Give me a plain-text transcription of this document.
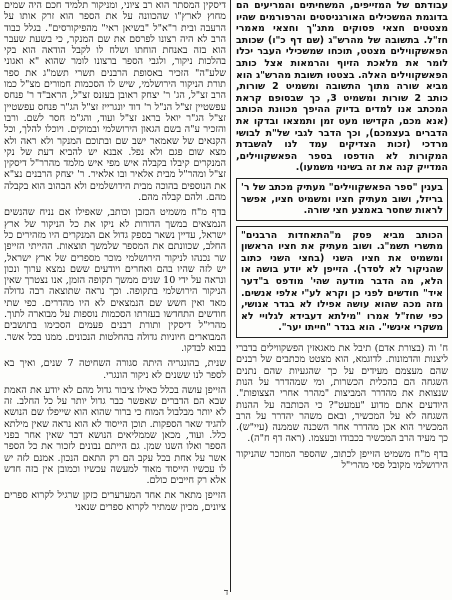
עבודתם של המזייפים, המשחיתים והמריעים הם בדוגמת המשכילים האורגניסטים והרפורמים שהיו מצטטים חצאי פסוקים מתנ"ך וחצאי מאמרי חז"ל. בתשובה של מהרש"ג (שם דף כ"ו) שכותב הפאשקווילים מצטט, תוכחו שמשכילי העבר יכלו לומר את מלאכת הזיוף והרמאות אצל כותב הפאשקווילים האלה. בצטטו תשובת מהרש"ג הוא מביא שורה מתוך התשובה ומשמיט 2 שורות, כותב 2 שורות ומשמיט 3, כך שבסופם קראת המכתב אנו למדים בדיוק ההיפך מכוונת הכותב (אנא מכם, הקדישו מעט זמן ותמצאו ובדקו את הדברים בעצמכם), וכך הדבר לגבי של"ת לבושי מרדכי (זכות הצדיקים עמד לנו להשבדת המקורות לא הודפסו בספר הפאשקווילים, המדייק קנה את זה בשינוי משמעו).

בענין "ספר הפאשקווילים" מעתיק מכתב של ר' בריזל, ושוב מעתיק חציו ומשמיט חציו, אפשר לראות שחסר באמצע חצי שורה.
הכותב מביא פסק מ"התאחדות הרבנים" מתשרי תשמ"ג. ושוב מעתיק את חציו הראשון ומשמיט את חציו השני (בחצי השני כתוב שהניקור לא לסדר). הזייפן לא יודע בושה או הלא, מה הדבר מודעה שהי' מודפס ב"דער איד" חודשים לפני כן וקרא לע"י אלפי אנשים. מזה מכה שהוא עושה אפילו לא בגדר אנושי, כפי שחז"ל אמרו "מילתא דעבידא לגלויי לא משקרי אינשי". הוא בגדר "חייתו יער".

ח' וה (בצורת אדם) תיבל את מאגאזין הפשקווילים בדברי ליצנות והדמונות. לדוגמא, הוא מצטט מכתבים של רבנים שהם מעצמם מעידים על כך שהגעיות שהם נתנים השגחה הם בהכלית הכשרות, ומי שמהדרר על הנות שנצואת את מהדרר המביצות "מהרר אחרי הצצופות". היודעים אתם מדוע "עמעט"? כי הכותבה על ההנות השגחה לא על המכשיר, ובאם משהר יהדרר על הרב המכשיר הוא אכן מהדרר אחר השכנה שממנה (עיי"ש). כך מעיד הרב המכשיר בכבודו ובעצמו. (ראה דף ח"ה).

בדף מ"ח משמיט הזייפן לכתוב, שהספר המוזכר שהניקור הירושלמי מקובל פסי מהרי"ל

דיסקין המסתר הוא רב ציוני, ומניקור תלמיד חכם היה שמים מחוץ לארץ"ו שהכוונה על את הספר הוא זרק אותו על הרעבה ובית ר"א"ל "בשיאן ראי" מהפיקורסים". בגלל כבוד הרב לא היה רצונו לפרסם את שם המנקר, כי בשעת שעבר הוא בזה באנחת הוחתו ושלח לו לקבל הודאה הוא בקי בהלכות ניקור, ולגבי הספר ברצונו לומר שהוא "א ואגוני שלע"ה" הזכיר באסופת הרבנים תשרי תשמ"ג את ספר תורת הניקור הירושלמי, שיש לו הסכמות חמורים מצ"ל כמו הרב זצ"ל, הג' ר' יצחק ראובן בעזנס זצ"ל, הראב"ד ר' פנחס עפשטיין זצ"ל הנ"ל ר' דוד יונגרייז זצ"ל הג"ר פנחס עפשטיין זצ"ל הג"ר יואל בראנ זצ"ל ועוד, והג"מ חסר לשם. ורבו והזכיר ע"ה בשם הגאון הירושלמי ובמוקים. ויוכלו להלך, וכל הקנאים של שאמאר ישב שם ובתוכם המנקר ולא ראה ולא מצא שום פגם ולא נפל. אבנא יש להביא דעת של נקי המנקרים קיבלו בקבלה איש מפי איש מלמד מהרר"ל דיסקין זצ"ל ומהר"ל מבית אלאיר ובו אלאיר. ר' יצחק הרבנים נצ"א את הנוספים בהוכה מבית הידושלמים ולא הבהוב הוא בקבלה מהם. ולהם קבלה מהם.

בדף מ"ח משמיט הכזבן וכותב, שאפילו אם נניח שהנשים הנמצאים במשך הדורות לא ניקו את כל הניקור של ארץ ישראל, עדיין נשאר בספק גדול אם המנקרים היו מזהירים כל החלב, שכוונתם את המספר שלמשך תוצאות. ההייתי הזייפן שר נכנהו לניקור הירושלמי מוכר מספרים של ארץ ישראל, יש לזה שהיו בהם ואחרים ויודעים ששם נמצא ערוך ונכון ונראה על ידי 10 שנים ממשך תקופה הזמן, אנו נצטרך שאין הניקור הירושלמי בתקופה. וכך נראה שתוצאה רבה גדולה מאד ואין חשש שם הנמצאים לא היו מהדרים. כפי שתי חודשים התחדשו בעזרתו הסכמות נוספות על מבוארה לתוך. מהרי"ל דיסקין ותורת רבנים פעמים הסכימו בתושבים המבוארים חיוניות גדולה בהחלטות הנכונים. ממנו בכל אשר. בבוא לבדקו.

שנית, בהונגריה היתה סגורה השחיטה 7 שנים, ואיך בא לספר לנו ששנים לא ניקור הונגרי.

הזייפן עושה בכלל כאילו ציבור גדול מהם לא יודע את האמת שבא הם הדברים שאפשר כבר גדול יותר על כל החלב. זה לא יותר מבלבול המוח כי ברור שהוא הוא שייפלו שם הנושא להגיד שאר הספקות. תוכן הייסוד לא הוא נראה שאין מילתא כלל. ועוד, מכאן שממליאים הנושא דבר שאין אחר בפני הספר ואלו השנו שמן. גם הייתם נבונים לזכור את כל הספר אשר על אחת בכל עקב הם רק התאם הנכון. אמנם לזה יש לו עכשיו הייסוד מאוד למעשה עכשיו וכמובן אין בזה חדש אלא רק חייבים כולם.

הזייפן מתאר את אחד המערערים כזקן שרגיל לקרוא ספרים ציונים, מכיון שמתיר לקרוא ספרים שנאני

ד
